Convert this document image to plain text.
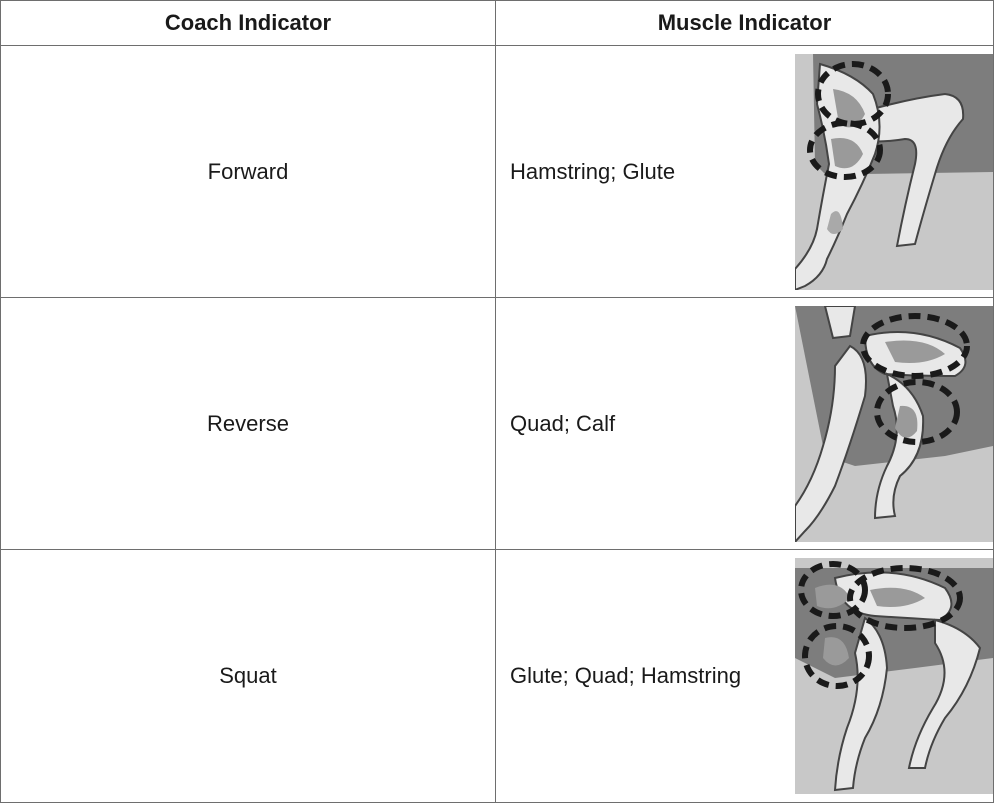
Coach Indicator	Muscle Indicator
Forward	Hamstring; Glute

Reverse	Quad; Calf

Squat	Glute; Quad; Hamstring
